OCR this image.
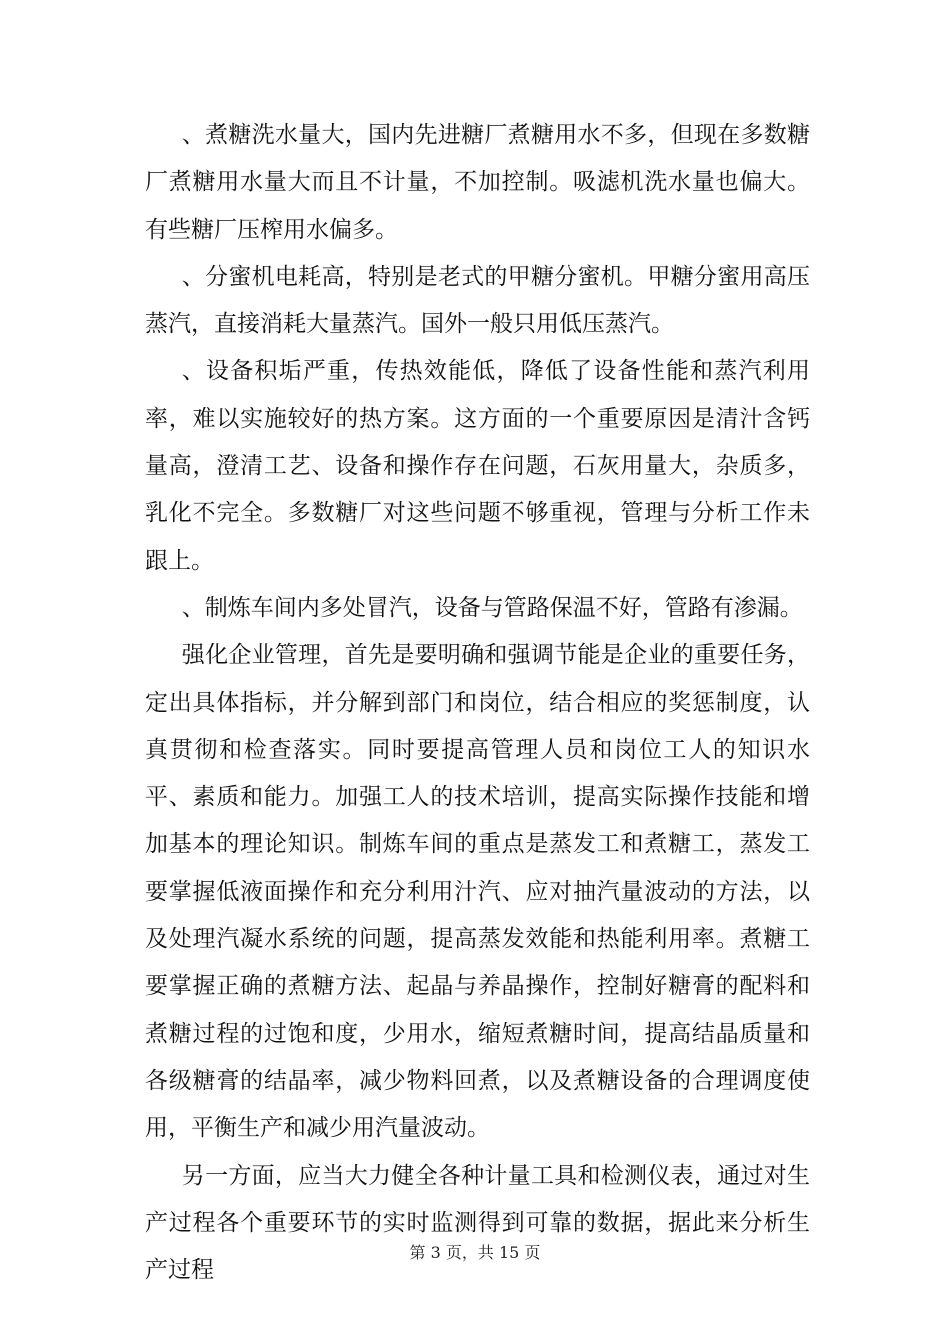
、煮糖洗水量大，国内先进糖厂煮糖用水不多，但现在多数糖厂煮糖用水量大而且不计量，不加控制。吸滤机洗水量也偏大。有些糖厂压榨用水偏多。

、分蜜机电耗高，特别是老式的甲糖分蜜机。甲糖分蜜用高压蒸汽，直接消耗大量蒸汽。国外一般只用低压蒸汽。

、设备积垢严重，传热效能低，降低了设备性能和蒸汽利用率，难以实施较好的热方案。这方面的一个重要原因是清汁含钙量高，澄清工艺、设备和操作存在问题，石灰用量大，杂质多，乳化不完全。多数糖厂对这些问题不够重视，管理与分析工作未跟上。

、制炼车间内多处冒汽，设备与管路保温不好，管路有渗漏。

强化企业管理，首先是要明确和强调节能是企业的重要任务，定出具体指标，并分解到部门和岗位，结合相应的奖惩制度，认真贯彻和检查落实。同时要提高管理人员和岗位工人的知识水平、素质和能力。加强工人的技术培训，提高实际操作技能和增加基本的理论知识。制炼车间的重点是蒸发工和煮糖工，蒸发工要掌握低液面操作和充分利用汁汽、应对抽汽量波动的方法，以及处理汽凝水系统的问题，提高蒸发效能和热能利用率。煮糖工要掌握正确的煮糖方法、起晶与养晶操作，控制好糖膏的配料和煮糖过程的过饱和度，少用水，缩短煮糖时间，提高结晶质量和各级糖膏的结晶率，减少物料回煮，以及煮糖设备的合理调度使用，平衡生产和减少用汽量波动。

另一方面，应当大力健全各种计量工具和检测仪表，通过对生产过程各个重要环节的实时监测得到可靠的数据，据此来分析生产过程

第 3 页，共 15 页
